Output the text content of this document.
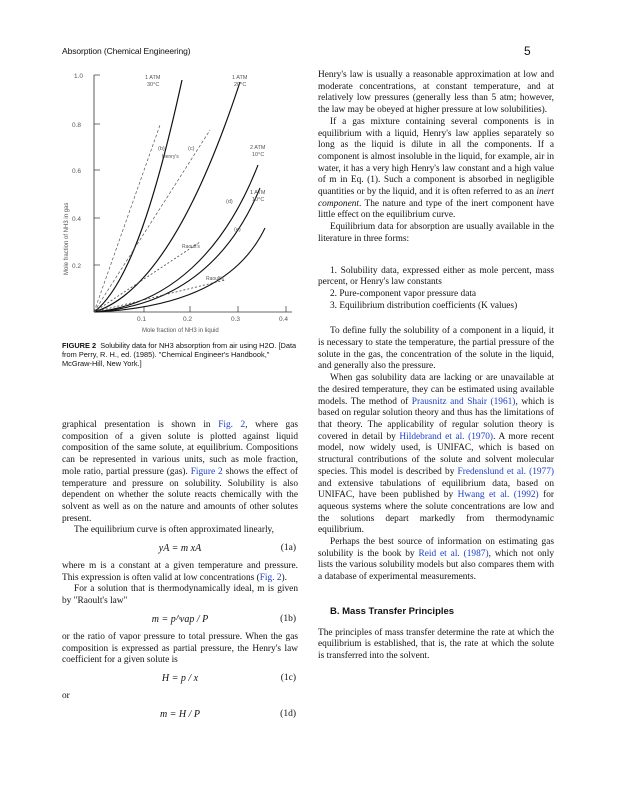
Absorption (Chemical Engineering)	5
1.0
0.8
0.6
0.4
0.2
0.1	0.2	0.3	0.4
Mole fraction of NH3 in gas
Mole fraction of NH3 in liquid
1 ATM
30°C
1 ATM
20°C
2 ATM
10°C
1 ATM
10°C
(b)	(c)
(d)
(e)
Henry's
Raoult's
Raoult's
FIGURE 2 Solubility data for NH3 absorption from air using H2O. [Data from Perry, R. H., ed. (1985). "Chemical Engineer's Handbook," McGraw-Hill, New York.]

graphical presentation is shown in Fig. 2, where gas composition of a given solute is plotted against liquid composition of the same solute, at equilibrium. Compositions can be represented in various units, such as mole fraction, mole ratio, partial pressure (gas). Figure 2 shows the effect of temperature and pressure on solubility. Solubility is also dependent on whether the solute reacts chemically with the solvent as well as on the nature and amounts of other solutes present.

The equilibrium curve is often approximated linearly,

yA = m xA	(1a)

where m is a constant at a given temperature and pressure. This expression is often valid at low concentrations (Fig. 2).

For a solution that is thermodynamically ideal, m is given by "Raoult's law"

m = p^vap / P	(1b)

or the ratio of vapor pressure to total pressure. When the gas composition is expressed as partial pressure, the Henry's law coefficient for a given solute is

H = p / x	(1c)

or

m = H / P	(1d)

Henry's law is usually a reasonable approximation at low and moderate concentrations, at constant temperature, and at relatively low pressures (generally less than 5 atm; however, the law may be obeyed at higher pressure at low solubilities).

If a gas mixture containing several components is in equilibrium with a liquid, Henry's law applies separately so long as the liquid is dilute in all the components. If a component is almost insoluble in the liquid, for example, air in water, it has a very high Henry's law constant and a high value of m in Eq. (1). Such a component is absorbed in negligible quantities or by the liquid, and it is often referred to as an inert component. The nature and type of the inert component have little effect on the equilibrium curve.

Equilibrium data for absorption are usually available in the literature in three forms:

1. Solubility data, expressed either as mole percent, mass percent, or Henry's law constants
2. Pure-component vapor pressure data
3. Equilibrium distribution coefficients (K values)

To define fully the solubility of a component in a liquid, it is necessary to state the temperature, the partial pressure of the solute in the gas, the concentration of the solute in the liquid, and generally also the pressure.

When gas solubility data are lacking or are unavailable at the desired temperature, they can be estimated using available models. The method of Prausnitz and Shair (1961), which is based on regular solution theory and thus has the limitations of that theory. The applicability of regular solution theory is covered in detail by Hildebrand et al. (1970). A more recent model, now widely used, is UNIFAC, which is based on structural contributions of the solute and solvent molecular species. This model is described by Fredenslund et al. (1977) and extensive tabulations of equilibrium data, based on UNIFAC, have been published by Hwang et al. (1992) for aqueous systems where the solute concentrations are low and the solutions depart markedly from thermodynamic equilibrium.

Perhaps the best source of information on estimating gas solubility is the book by Reid et al. (1987), which not only lists the various solubility models but also compares them with a database of experimental measurements.

B. Mass Transfer Principles

The principles of mass transfer determine the rate at which the equilibrium is established, that is, the rate at which the solute is transferred into the solvent.
